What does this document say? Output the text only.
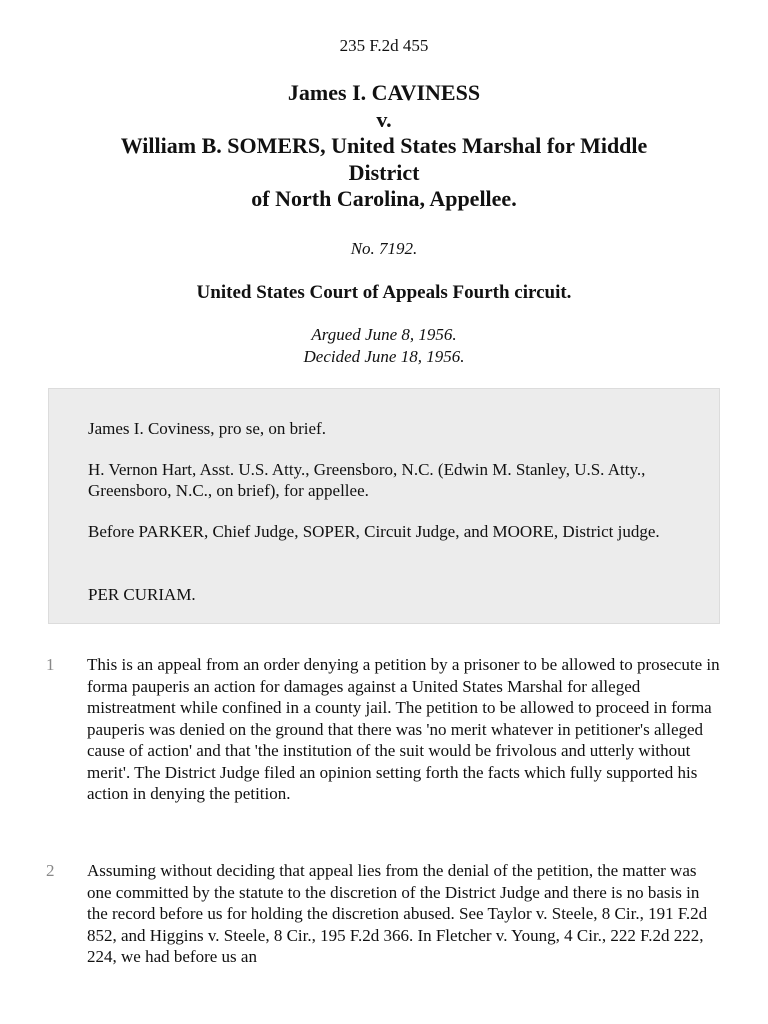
235 F.2d 455
James I. CAVINESS
v.
William B. SOMERS, United States Marshal for Middle
District
of North Carolina, Appellee.
No. 7192.
United States Court of Appeals Fourth circuit.
Argued June 8, 1956.
Decided June 18, 1956.

James I. Coviness, pro se, on brief.

H. Vernon Hart, Asst. U.S. Atty., Greensboro, N.C. (Edwin M. Stanley, U.S. Atty., Greensboro, N.C., on brief), for appellee.

Before PARKER, Chief Judge, SOPER, Circuit Judge, and MOORE, District judge.

PER CURIAM.

1 This is an appeal from an order denying a petition by a prisoner to be allowed to prosecute in forma pauperis an action for damages against a United States Marshal for alleged mistreatment while confined in a county jail. The petition to be allowed to proceed in forma pauperis was denied on the ground that there was 'no merit whatever in petitioner's alleged cause of action' and that 'the institution of the suit would be frivolous and utterly without merit'. The District Judge filed an opinion setting forth the facts which fully supported his action in denying the petition.

2 Assuming without deciding that appeal lies from the denial of the petition, the matter was one committed by the statute to the discretion of the District Judge and there is no basis in the record before us for holding the discretion abused. See Taylor v. Steele, 8 Cir., 191 F.2d 852, and Higgins v. Steele, 8 Cir., 195 F.2d 366. In Fletcher v. Young, 4 Cir., 222 F.2d 222, 224, we had before us an
